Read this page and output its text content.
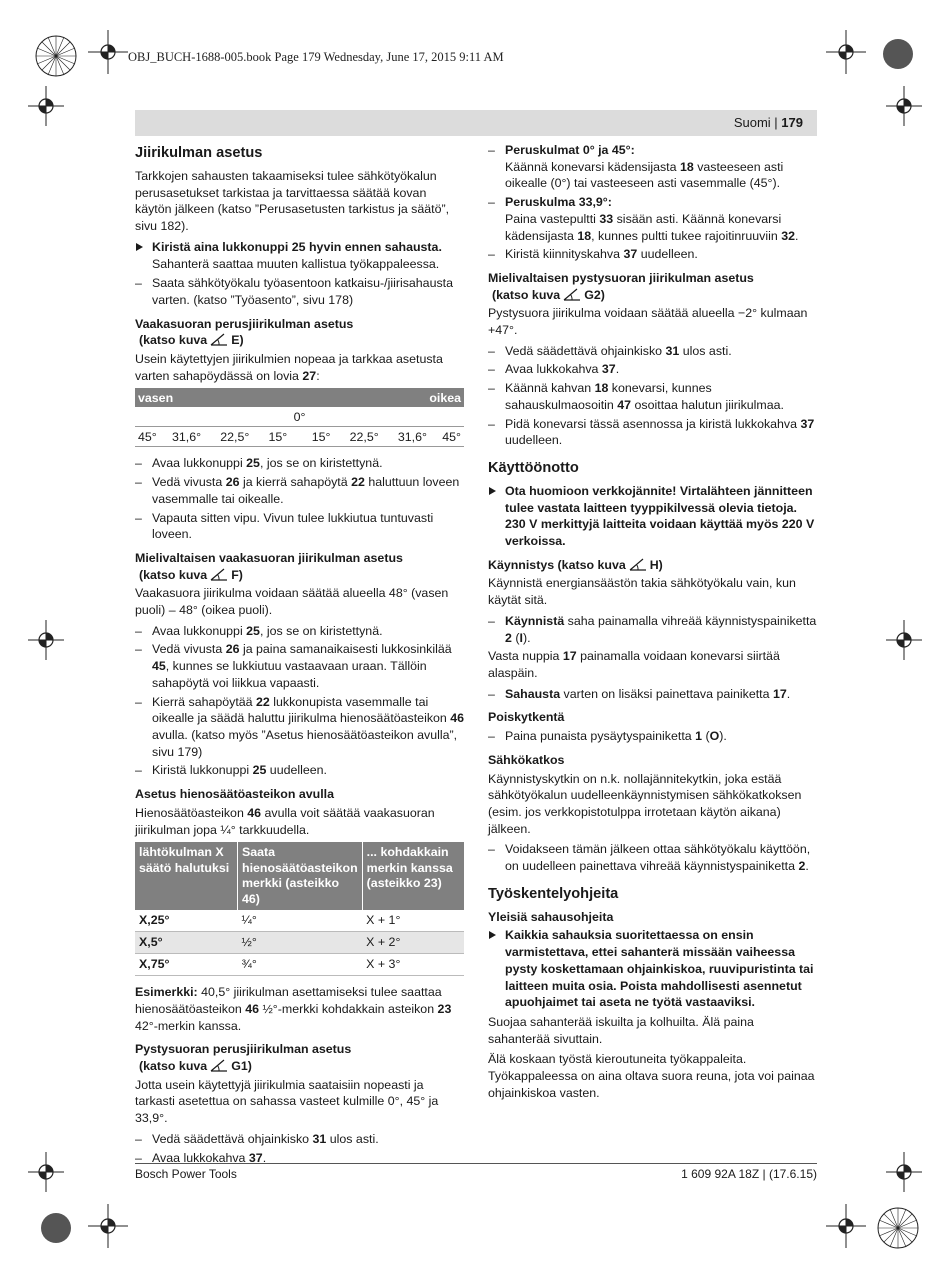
OBJ_BUCH-1688-005.book Page 179 Wednesday, June 17, 2015 9:11 AM
Suomi | 179
Jiirikulman asetus

Tarkkojen sahausten takaamiseksi tulee sähkötyökalun perusasetukset tarkistaa ja tarvittaessa säätää kovan käytön jälkeen (katso ”Perusasetusten tarkistus ja säätö”, sivu 182).

Kiristä aina lukkonuppi 25 hyvin ennen sahausta. Sahanterä saattaa muuten kallistua työkappaleessa.
– Saata sähkötyökalu työasentoon katkaisu-/jiirisahausta varten. (katso ”Työasento”, sivu 178)
Vaakasuoran perusjiirikulman asetus
(katso kuva E)

Usein käytettyjen jiirikulmien nopeaa ja tarkkaa asetusta varten sahapöydässä on lovia 27:

vasen				oikea			
0°							
45°	31,6°	22,5°	15°	15°	22,5°	31,6°	45°
– Avaa lukkonuppi 25, jos se on kiristettynä.
– Vedä vivusta 26 ja kierrä sahapöytä 22 haluttuun loveen vasemmalle tai oikealle.
– Vapauta sitten vipu. Vivun tulee lukkiutua tuntuvasti loveen.
Mielivaltaisen vaakasuoran jiirikulman asetus
(katso kuva F)

Vaakasuora jiirikulma voidaan säätää alueella 48° (vasen puoli) – 48° (oikea puoli).

– Avaa lukkonuppi 25, jos se on kiristettynä.
– Vedä vivusta 26 ja paina samanaikaisesti lukkosinkilää 45, kunnes se lukkiutuu vastaavaan uraan. Tällöin sahapöytä voi liikkua vapaasti.
– Kierrä sahapöytää 22 lukkonupista vasemmalle tai oikealle ja säädä haluttu jiirikulma hienosäätöasteikon 46 avulla. (katso myös ”Asetus hienosäätöasteikon avulla”, sivu 179)
– Kiristä lukkonuppi 25 uudelleen.
Asetus hienosäätöasteikon avulla

Hienosäätöasteikon 46 avulla voit säätää vaakasuoran jiirikulman jopa ¼° tarkkuudella.

lähtökulman X säätö halutuksi	Saata hienosäätöasteikon merkki (asteikko 46)	... kohdakkain merkin kanssa (asteikko 23)
X,25°	¼°	X + 1°
X,5°	½°	X + 2°
X,75°	¾°	X + 3°

Esimerkki: 40,5° jiirikulman asettamiseksi tulee saattaa hienosäätöasteikon 46 ½°-merkki kohdakkain asteikon 23 42°-merkin kanssa.

Pystysuoran perusjiirikulman asetus
(katso kuva G1)

Jotta usein käytettyjä jiirikulmia saataisiin nopeasti ja tarkasti asetettua on sahassa vasteet kulmille 0°, 45° ja 33,9°.

– Vedä säädettävä ohjainkisko 31 ulos asti.
– Avaa lukkokahva 37.
– Peruskulmat 0° ja 45°:
Käännä konevarsi kädensijasta 18 vasteeseen asti oikealle (0°) tai vasteeseen asti vasemmalle (45°).
– Peruskulma 33,9°:
Paina vastepultti 33 sisään asti. Käännä konevarsi kädensijasta 18, kunnes pultti tukee rajoitinruuviin 32.
– Kiristä kiinnityskahva 37 uudelleen.
Mielivaltaisen pystysuoran jiirikulman asetus
(katso kuva G2)

Pystysuora jiirikulma voidaan säätää alueella −2° kulmaan +47°.

– Vedä säädettävä ohjainkisko 31 ulos asti.
– Avaa lukkokahva 37.
– Käännä kahvan 18 konevarsi, kunnes sahauskulmaosoitin 47 osoittaa halutun jiirikulmaa.
– Pidä konevarsi tässä asennossa ja kiristä lukkokahva 37 uudelleen.
Käyttöönotto
Ota huomioon verkkojännite! Virtalähteen jännitteen tulee vastata laitteen tyyppikilvessä olevia tietoja. 230 V merkittyjä laitteita voidaan käyttää myös 220 V verkoissa.
Käynnistys (katso kuva H)

Käynnistä energiansäästön takia sähkötyökalu vain, kun käytät sitä.

– Käynnistä saha painamalla vihreää käynnistyspainiketta 2 (I).

Vasta nuppia 17 painamalla voidaan konevarsi siirtää alaspäin.

– Sahausta varten on lisäksi painettava painiketta 17.
Poiskytkentä
– Paina punaista pysäytyspainiketta 1 (O).
Sähkökatkos

Käynnistyskytkin on n.k. nollajännitekytkin, joka estää sähkötyökalun uudelleenkäynnistymisen sähkökatkoksen (esim. jos verkkopistotulppa irrotetaan käytön aikana) jälkeen.

– Voidakseen tämän jälkeen ottaa sähkötyökalu käyttöön, on uudelleen painettava vihreää käynnistyspainiketta 2.
Työskentelyohjeita
Yleisiä sahausohjeita
Kaikkia sahauksia suoritettaessa on ensin varmistettava, ettei sahanterä missään vaiheessa pysty koskettamaan ohjainkiskoa, ruuvipuristinta tai laitteen muita osia. Poista mahdollisesti asennetut apuohjaimet tai aseta ne työtä vastaaviksi.

Suojaa sahanterää iskuilta ja kolhuilta. Älä paina sahanterää sivuttain.

Älä koskaan työstä kieroutuneita työkappaleita. Työkappaleessa on aina oltava suora reuna, jota voi painaa ohjainkiskoa vasten.

Bosch Power Tools	1 609 92A 18Z | (17.6.15)
